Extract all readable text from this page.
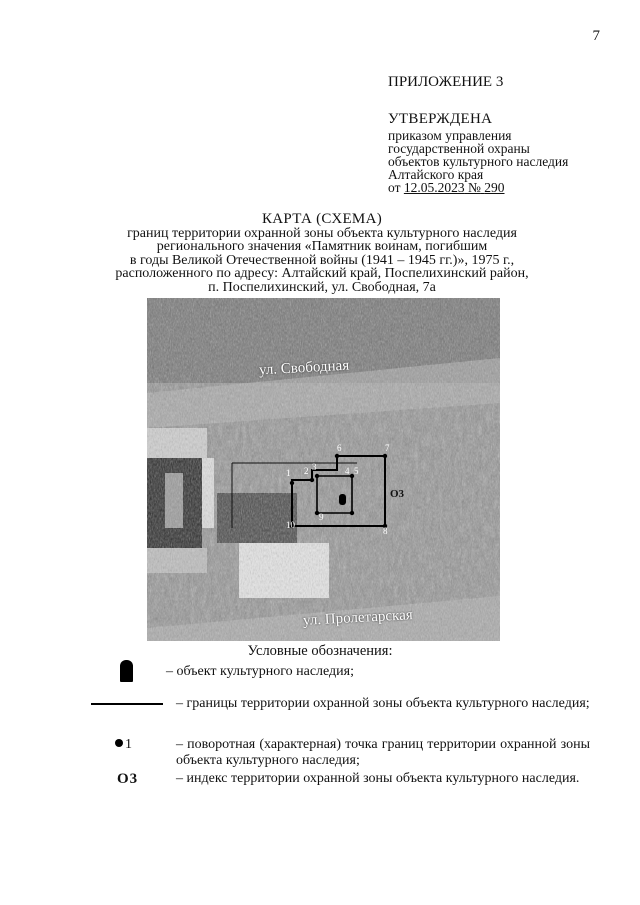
7
ПРИЛОЖЕНИЕ 3
УТВЕРЖДЕНА
приказом управления
государственной охраны
объектов культурного наследия
Алтайского края
от 12.05.2023 № 290
КАРТА (СХЕМА)
границ территории охранной зоны объекта культурного наследия
регионального значения «Памятник воинам, погибшим
в годы Великой Отечественной войны (1941 – 1945 гг.)», 1975 г.,
расположенного по адресу: Алтайский край, Поспелихинский район,
п. Поспелихинский, ул. Свободная, 7а
ул. Свободная
ул. Пролетарская
О3
1 2 3	4 5
6	7
8
9
10
Условные обозначения:
– объект культурного наследия;
– границы территории охранной зоны объекта культурного наследия;
1	– поворотная (характерная) точка границ территории охранной зоны объекта культурного наследия;
О3	– индекс территории охранной зоны объекта культурного наследия.
